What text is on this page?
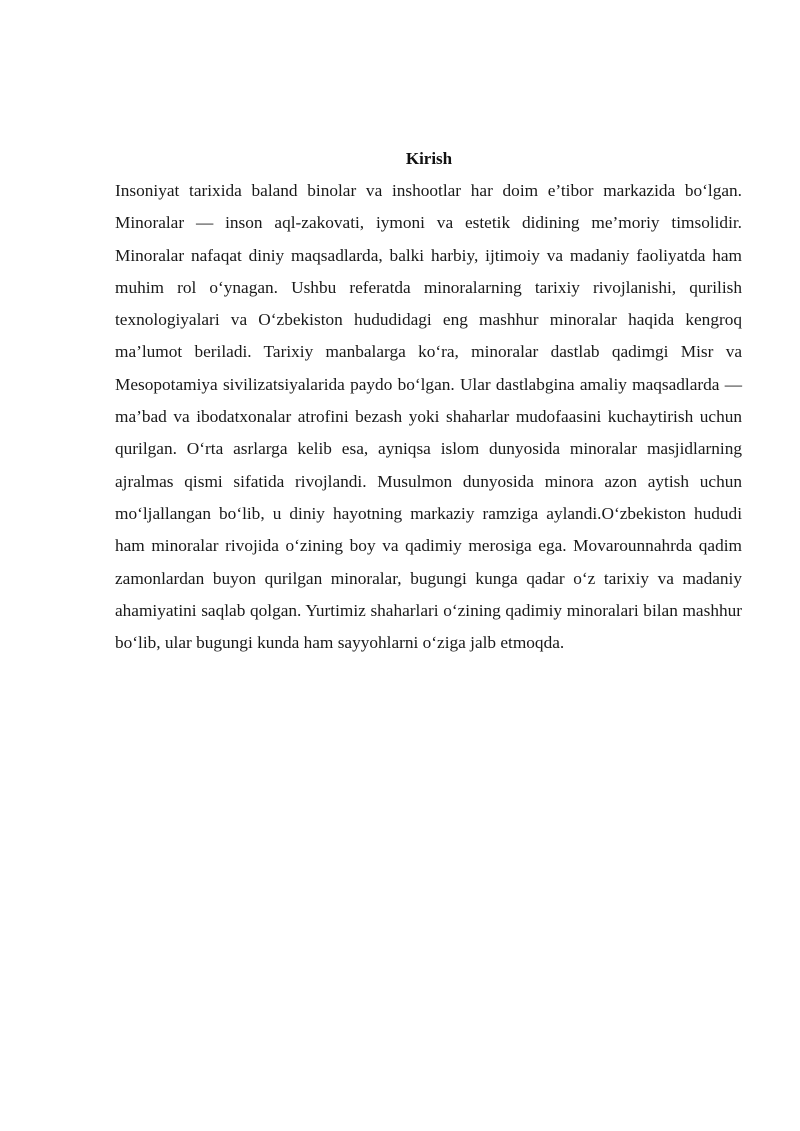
Kirish

Insoniyat tarixida baland binolar va inshootlar har doim e’tibor markazida bo‘lgan. Minoralar — inson aql-zakovati, iymoni va estetik didining me’moriy timsolidir. Minoralar nafaqat diniy maqsadlarda, balki harbiy, ijtimoiy va madaniy faoliyatda ham muhim rol o‘ynagan. Ushbu referatda minoralarning tarixiy rivojlanishi, qurilish texnologiyalari va O‘zbekiston hududidagi eng mashhur minoralar haqida kengroq ma’lumot beriladi. Tarixiy manbalarga ko‘ra, minoralar dastlab qadimgi Misr va Mesopotamiya sivilizatsiyalarida paydo bo‘lgan. Ular dastlabgina amaliy maqsadlarda — ma’bad va ibodatxonalar atrofini bezash yoki shaharlar mudofaasini kuchaytirish uchun qurilgan. O‘rta asrlarga kelib esa, ayniqsa islom dunyosida minoralar masjidlarning ajralmas qismi sifatida rivojlandi. Musulmon dunyosida minora azon aytish uchun mo‘ljallangan bo‘lib, u diniy hayotning markaziy ramziga aylandi.O‘zbekiston hududi ham minoralar rivojida o‘zining boy va qadimiy merosiga ega. Movarounnahrda qadim zamonlardan buyon qurilgan minoralar, bugungi kunga qadar o‘z tarixiy va madaniy ahamiyatini saqlab qolgan. Yurtimiz shaharlari o‘zining qadimiy minoralari bilan mashhur bo‘lib, ular bugungi kunda ham sayyohlarni o‘ziga jalb etmoqda.
